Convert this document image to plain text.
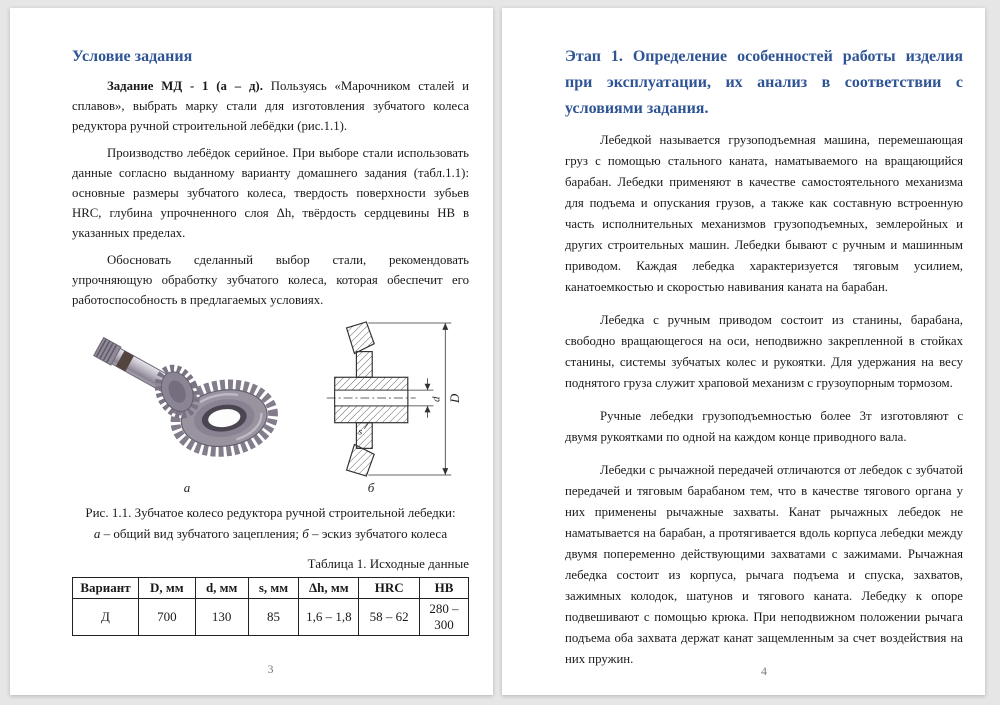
Условие задания

Задание МД - 1 (а – д). Пользуясь «Марочником сталей и сплавов», выбрать марку стали для изготовления зубчатого колеса редуктора ручной строительной лебёдки (рис.1.1).

Производство лебёдок серийное. При выборе стали использовать данные согласно выданному варианту домашнего задания (табл.1.1): основные размеры зубчатого колеса, твердость поверхности зубьев HRC, глубина упрочненного слоя Δh, твёрдость сердцевины НВ в указанных пределах.

Обосновать сделанный выбор стали, рекомендовать упрочняющую обработку зубчатого колеса, которая обеспечит его работоспособность в предлагаемых условиях.

d D
s
а	б
Рис. 1.1. Зубчатое колесо редуктора ручной строительной лебедки:
а – общий вид зубчатого зацепления; б – эскиз зубчатого колеса
Таблица 1. Исходные данные
Вариант	D, мм	d, мм	s, мм	Δh, мм	HRC	НВ
Д	700	130	85	1,6 – 1,8	58 – 62	280 – 300
3
Этап 1. Определение особенностей работы изделия при эксплуатации, их анализ в соответствии с условиями задания.

Лебедкой называется грузоподъемная машина, перемешающая груз с помощью стального каната, наматываемого на вращающийся барабан. Лебедки применяют в качестве самостоятельного механизма для подъема и опускания грузов, а также как составную встроенную часть исполнительных механизмов грузоподъемных, землеройных и других строительных машин. Лебедки бывают с ручным и машинным приводом. Каждая лебедка характеризуется тяговым усилием, канатоемкостью и скоростью навивания каната на барабан.

Лебедка с ручным приводом состоит из станины, барабана, свободно вращающегося на оси, неподвижно закрепленной в стойках станины, системы зубчатых колес и рукоятки. Для удержания на весу поднятого груза служит храповой механизм с грузоупорным тормозом.

Ручные лебедки грузоподъемностью более 3т изготовляют с двумя рукоятками по одной на каждом конце приводного вала.

Лебедки с рычажной передачей отличаются от лебедок с зубчатой передачей и тяговым барабаном тем, что в качестве тягового органа у них применены рычажные захваты. Канат рычажных лебедок не наматывается на барабан, а протягивается вдоль корпуса лебедки между двумя попеременно действующими захватами с зажимами. Рычажная лебедка состоит из корпуса, рычага подъема и спуска, захватов, зажимных колодок, шатунов и тягового каната. Лебедку к опоре подвешивают с помощью крюка. При неподвижном положении рычага подъема оба захвата держат канат защемленным за счет воздействия на них пружин.

4
